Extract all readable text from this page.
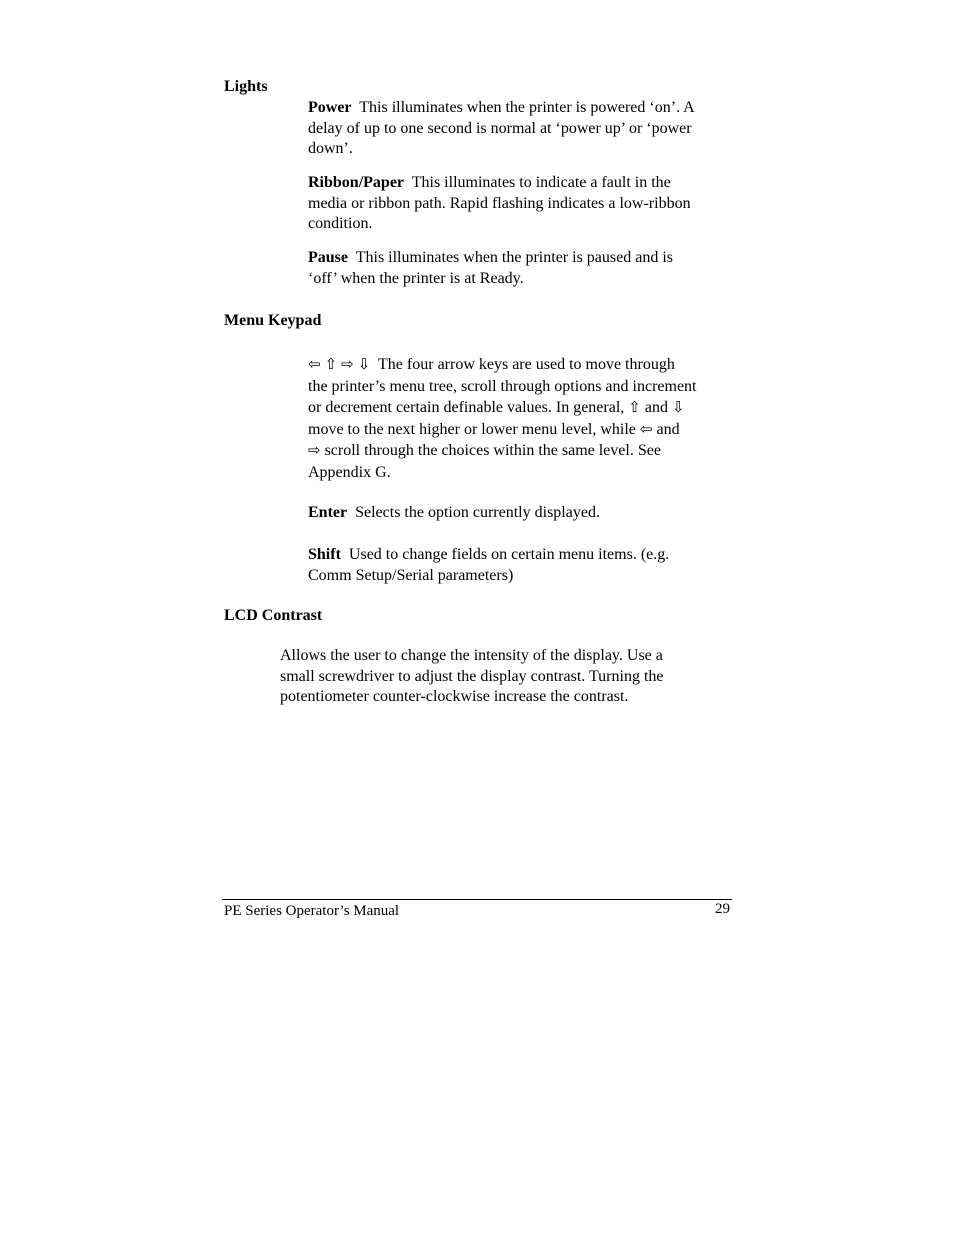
Lights
Power This illuminates when the printer is powered ‘on’. A
delay of up to one second is normal at ‘power up’ or ‘power
down’.
Ribbon/Paper This illuminates to indicate a fault in the
media or ribbon path. Rapid flashing indicates a low-ribbon
condition.
Pause This illuminates when the printer is paused and is
‘off’ when the printer is at Ready.
Menu Keypad
⇦ ⇧ ⇨ ⇩ The four arrow keys are used to move through
the printer’s menu tree, scroll through options and increment
or decrement certain definable values. In general, ⇧ and ⇩
move to the next higher or lower menu level, while ⇦ and
⇨ scroll through the choices within the same level. See
Appendix G.
Enter Selects the option currently displayed.
Shift Used to change fields on certain menu items. (e.g.
Comm Setup/Serial parameters)
LCD Contrast
Allows the user to change the intensity of the display. Use a
small screwdriver to adjust the display contrast. Turning the
potentiometer counter-clockwise increase the contrast.
PE Series Operator’s Manual	29
